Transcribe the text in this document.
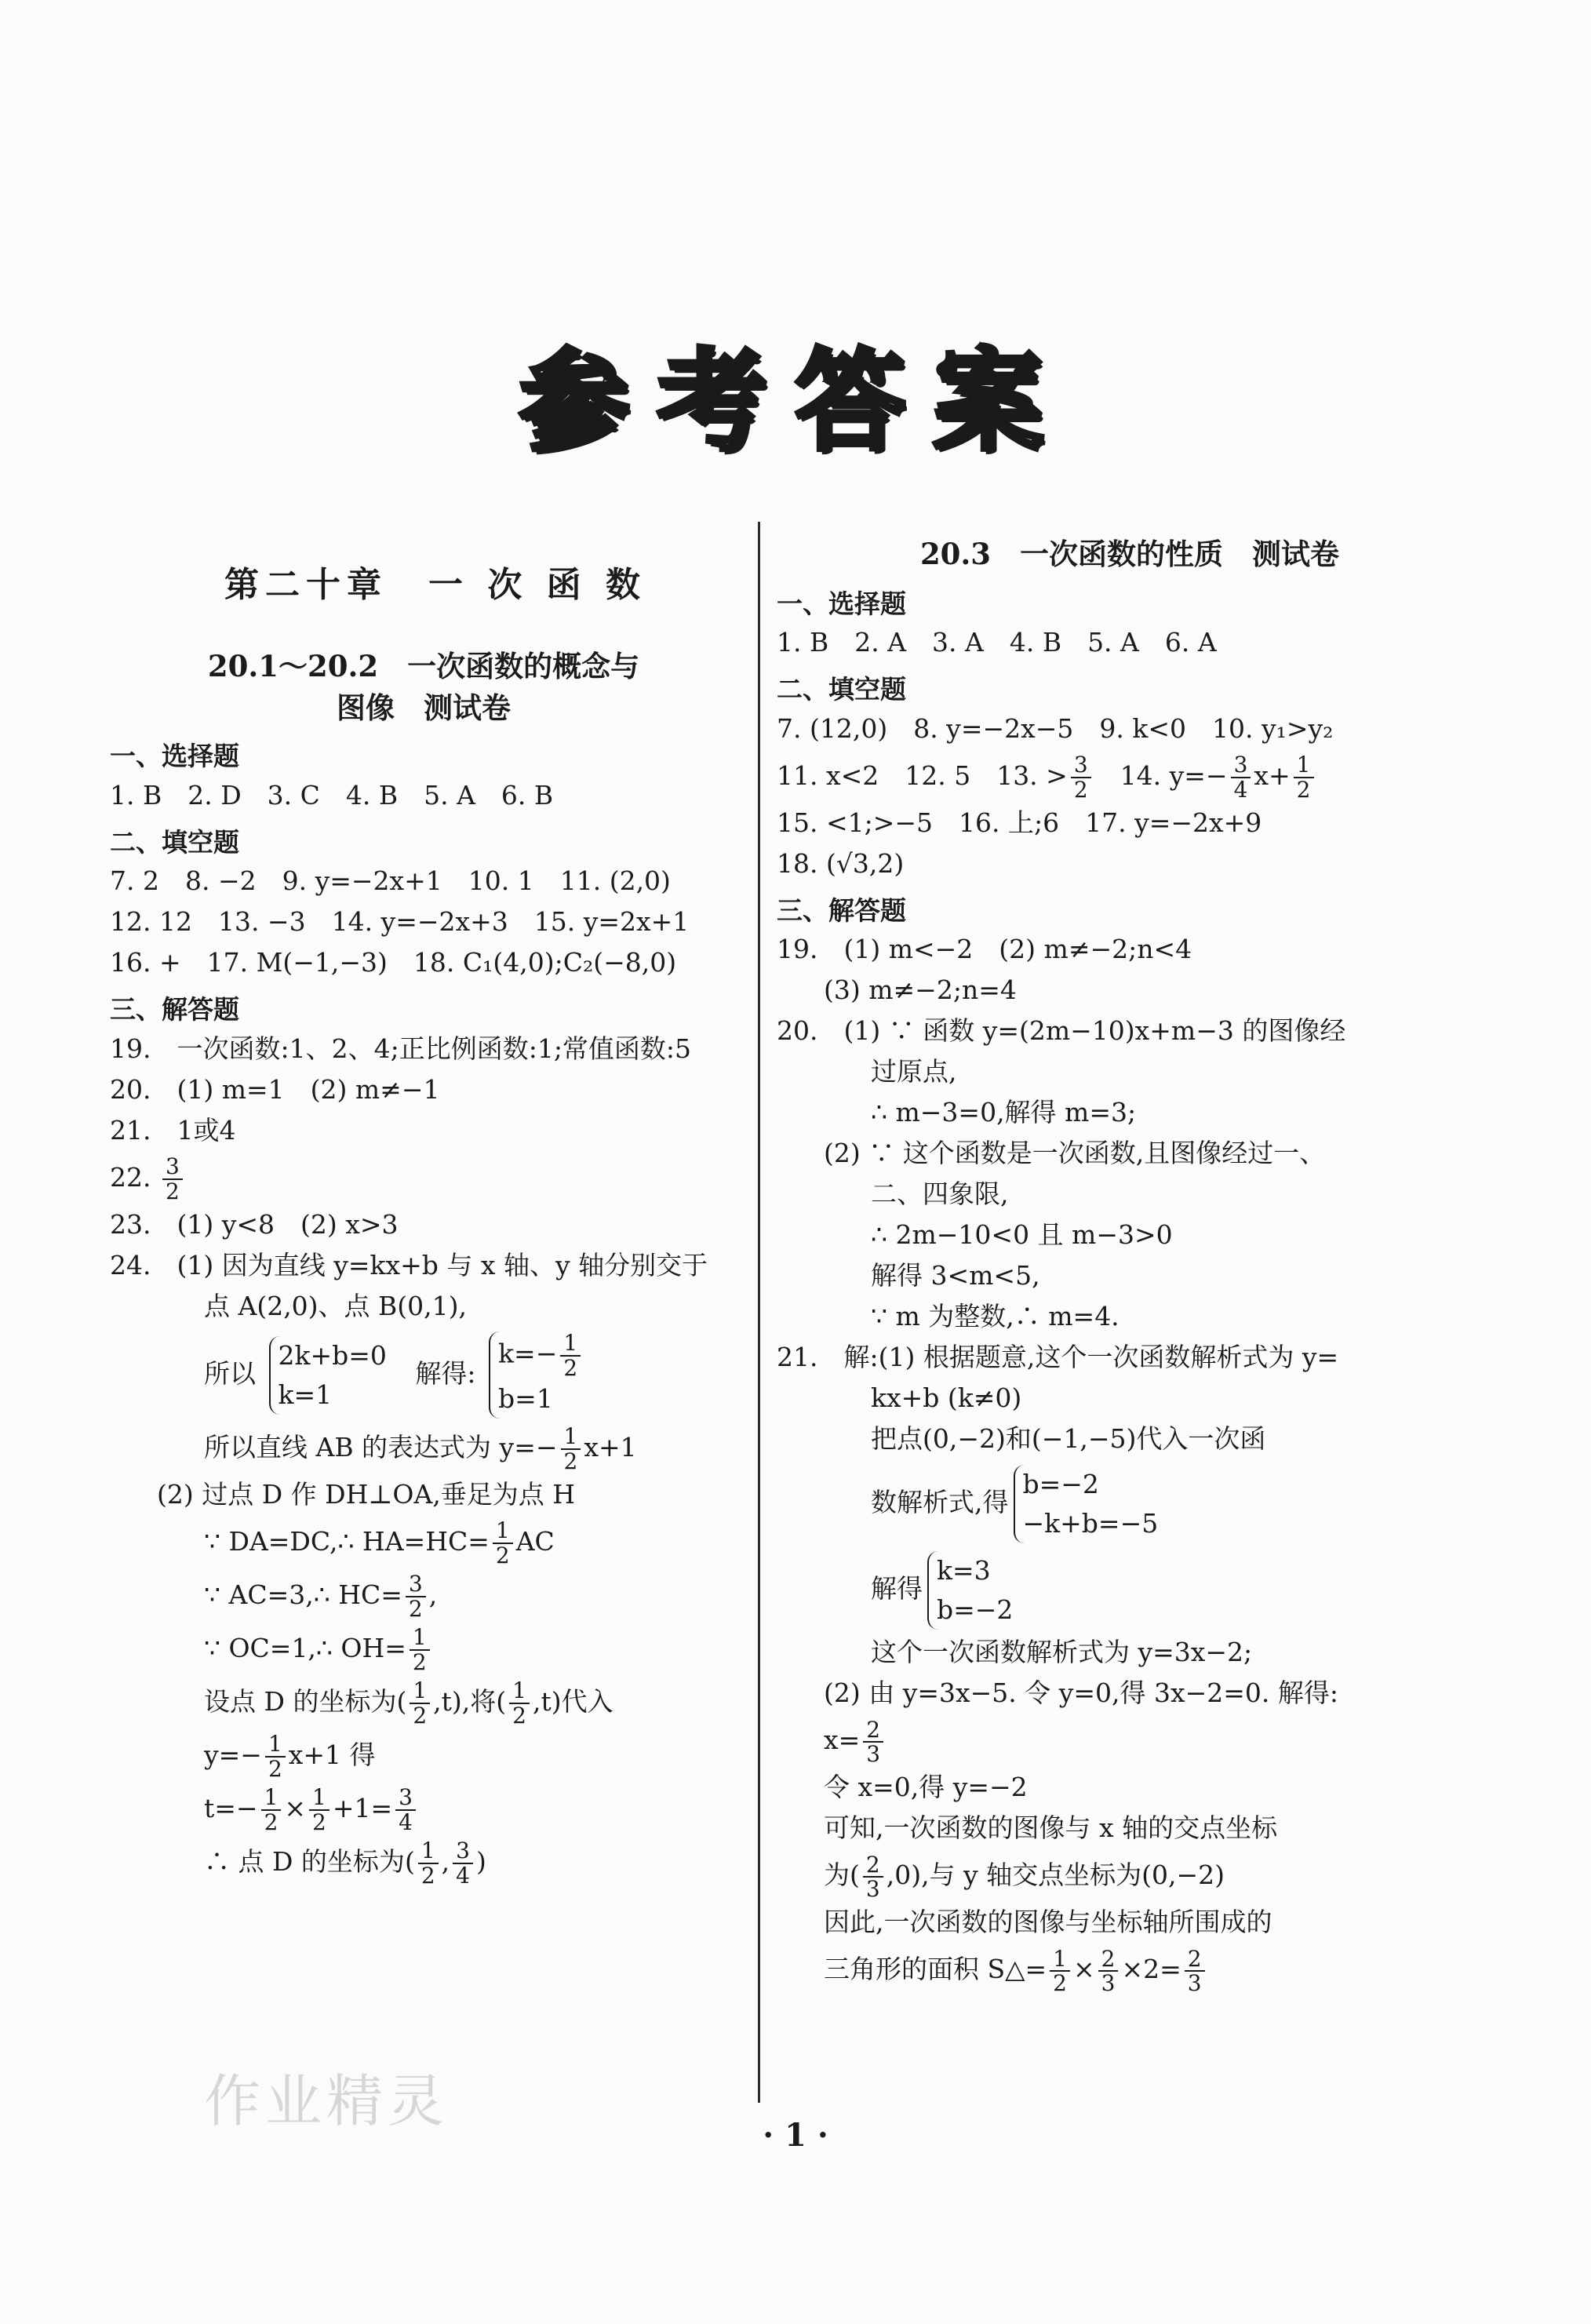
参考答案
第二十章　一 次 函 数
20.1～20.2　一次函数的概念与
图像　测试卷
一、选择题
1. B　2. D　3. C　4. B　5. A　6. B
二、填空题
7. 2　8. −2　9. y=−2x+1　10. 1　11. (2,0)
12. 12　13. −3　14. y=−2x+3　15. y=2x+1
16. +　17. M(−1,−3)　18. C₁(4,0);C₂(−8,0)
三、解答题
19.　一次函数:1、2、4;正比例函数:1;常值函数:5
20.　(1) m=1　(2) m≠−1
21.　1或4
22. $\frac{3}{2}$
23.　(1) y<8　(2) x>3
24.　(1) 因为直线 y=kx+b 与 x 轴、y 轴分别交于
点 A(2,0)、点 B(0,1),
所以
2k+b=0
k=1
解得:
$k=- \frac{1}{2}$
b=1
所以直线 AB 的表达式为 $y=- \frac{1}{2} x+1$
(2) 过点 D 作 DH⊥OA,垂足为点 H
∵ DA=DC,∴ $HA=HC= \frac{1}{2}$ AC
∵ AC=3,∴ $HC= \frac{3}{2}$ ,
∵ OC=1,∴ $OH= \frac{1}{2}$
设点 D 的坐标为( $\frac{1}{2} ,t$),将( $\frac{1}{2} ,t$)代入
$y=- \frac{1}{2} x+1$ 得
$t=- \frac{1}{2} \times \frac{1}{2} +1= \frac{3}{4}$
∴ 点 D 的坐标为( $\frac{1}{2}$ , $\frac{3}{4}$ )
20.3　一次函数的性质　测试卷
一、选择题
1. B　2. A　3. A　4. B　5. A　6. A
二、填空题
7. (12,0)　8. y=−2x−5　9. k<0　10. y₁>y₂
11. x<2　12. 5　13. > $\frac{3}{2}$ 　14. $y=- \frac{3}{4} x+ \frac{1}{2}$
15. <1;>−5　16. 上;6　17. y=−2x+9
18. (√3,2)
三、解答题
19.　(1) m<−2　(2) m≠−2;n<4
(3) m≠−2;n=4
20.　(1) ∵ 函数 y=(2m−10)x+m−3 的图像经
过原点,
∴ m−3=0,解得 m=3;
(2) ∵ 这个函数是一次函数,且图像经过一、
二、四象限,
∴ 2m−10<0 且 m−3>0
解得 3<m<5,
∵ m 为整数,∴ m=4.
21.　解:(1) 根据题意,这个一次函数解析式为 y=
kx+b (k≠0)
把点(0,−2)和(−1,−5)代入一次函
数解析式,得
b=−2
−k+b=−5
解得
k=3
b=−2
这个一次函数解析式为 y=3x−2;
(2) 由 y=3x−5. 令 y=0,得 3x−2=0. 解得:
$x= \frac{2}{3}$
令 x=0,得 y=−2
可知,一次函数的图像与 x 轴的交点坐标
为( $\frac{2}{3} ,0$),与 y 轴交点坐标为(0,−2)
因此,一次函数的图像与坐标轴所围成的
三角形的面积 S△= $\frac{1}{2} \times \frac{2}{3} \times 2= \frac{2}{3}$
作业精灵
· 1 ·
